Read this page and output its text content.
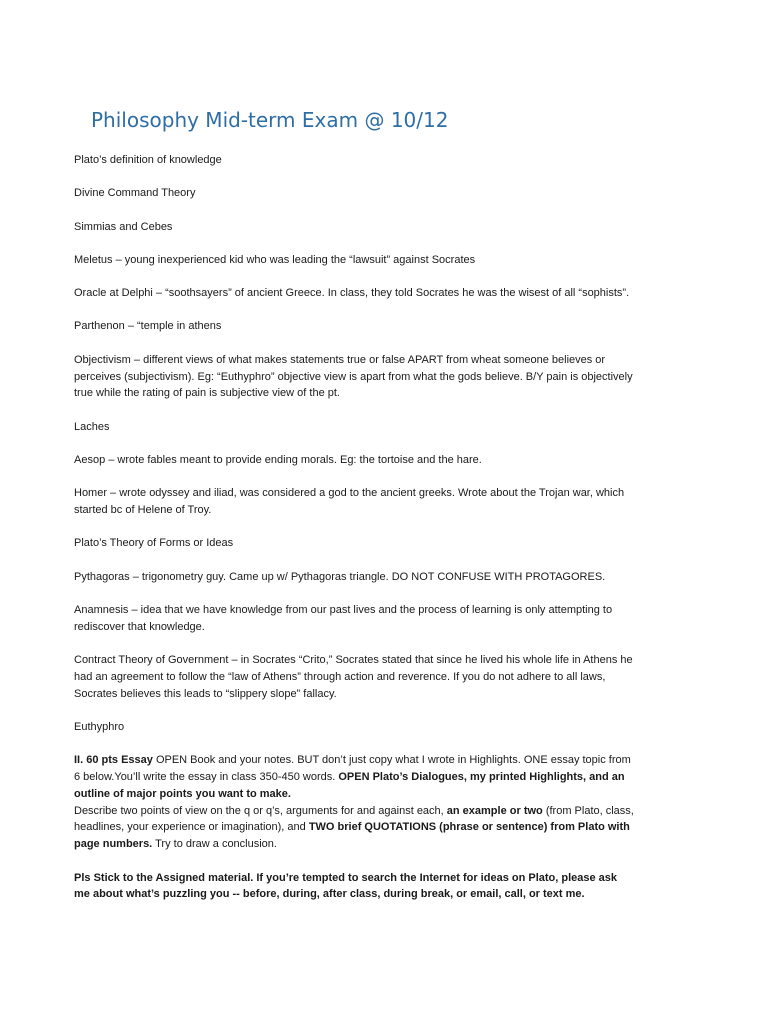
Philosophy Mid-term Exam @ 10/12

Plato’s definition of knowledge

Divine Command Theory

Simmias and Cebes

Meletus – young inexperienced kid who was leading the “lawsuit” against Socrates

Oracle at Delphi – “soothsayers” of ancient Greece. In class, they told Socrates he was the wisest of all “sophists”.

Parthenon – “temple in athens

Objectivism – different views of what makes statements true or false APART from wheat someone believes or perceives (subjectivism). Eg: “Euthyphro” objective view is apart from what the gods believe. B/Y pain is objectively true while the rating of pain is subjective view of the pt.

Laches

Aesop – wrote fables meant to provide ending morals. Eg: the tortoise and the hare.

Homer – wrote odyssey and iliad, was considered a god to the ancient greeks. Wrote about the Trojan war, which started bc of Helene of Troy.

Plato’s Theory of Forms or Ideas

Pythagoras – trigonometry guy. Came up w/ Pythagoras triangle. DO NOT CONFUSE WITH PROTAGORES.

Anamnesis – idea that we have knowledge from our past lives and the process of learning is only attempting to rediscover that knowledge.

Contract Theory of Government – in Socrates “Crito,” Socrates stated that since he lived his whole life in Athens he had an agreement to follow the “law of Athens” through action and reverence. If you do not adhere to all laws, Socrates believes this leads to “slippery slope” fallacy.

Euthyphro

II. 60 pts Essay OPEN Book and your notes. BUT don’t just copy what I wrote in Highlights. ONE essay topic from 6 below.You’ll write the essay in class 350-450 words. OPEN Plato’s Dialogues, my printed Highlights, and an outline of major points you want to make.

Describe two points of view on the q or q’s, arguments for and against each, an example or two (from Plato, class, headlines, your experience or imagination), and TWO brief QUOTATIONS (phrase or sentence) from Plato with page numbers. Try to draw a conclusion.

Pls Stick to the Assigned material. If you’re tempted to search the Internet for ideas on Plato, please ask me about what’s puzzling you -- before, during, after class, during break, or email, call, or text me.
